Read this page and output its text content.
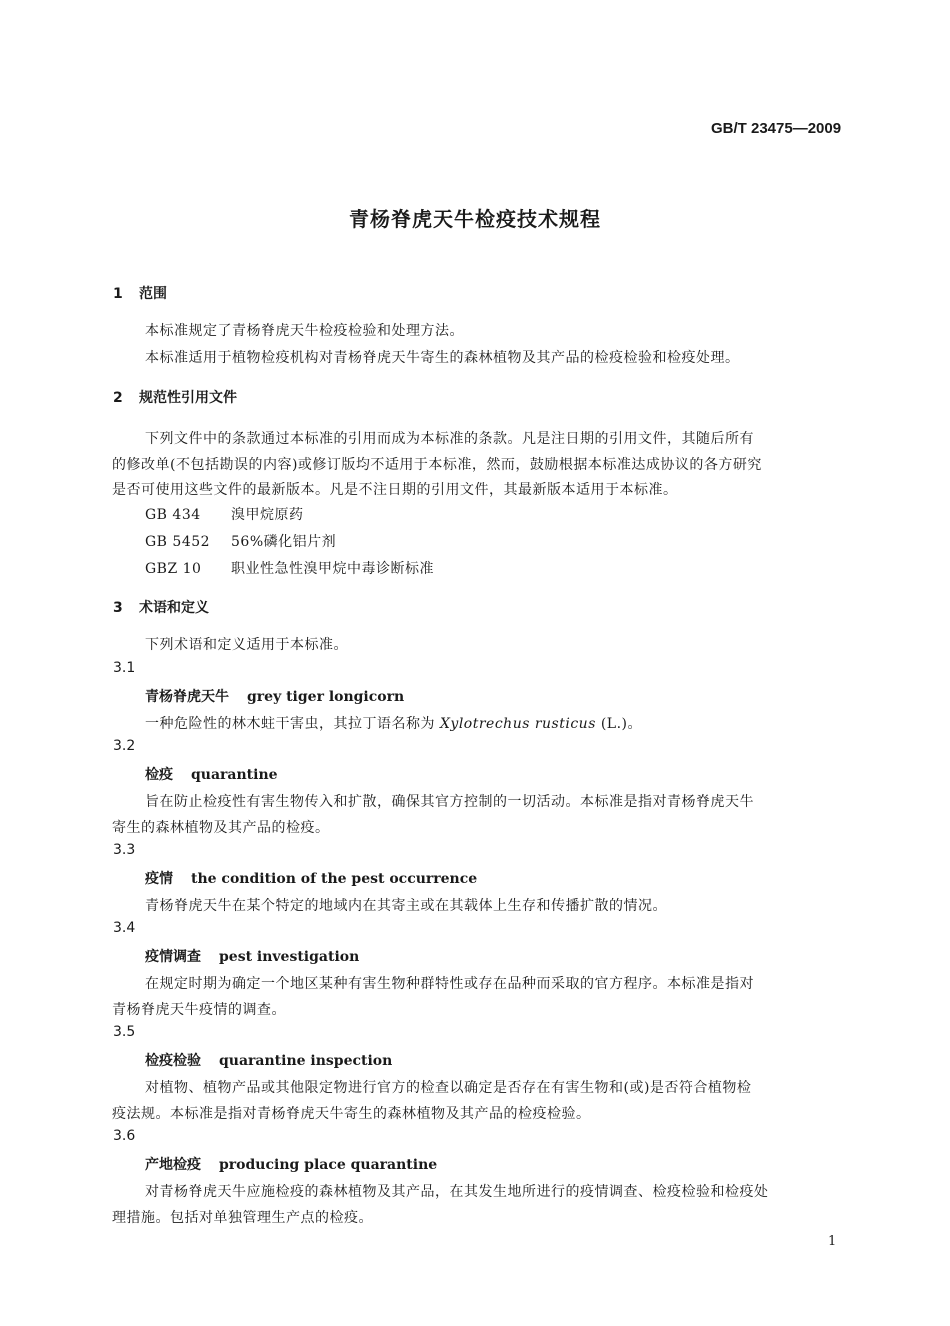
GB/T 23475—2009
青杨脊虎天牛检疫技术规程
1 范围
本标准规定了青杨脊虎天牛检疫检验和处理方法。
本标准适用于植物检疫机构对青杨脊虎天牛寄生的森林植物及其产品的检疫检验和检疫处理。
2 规范性引用文件
下列文件中的条款通过本标准的引用而成为本标准的条款。凡是注日期的引用文件，其随后所有
的修改单(不包括勘误的内容)或修订版均不适用于本标准，然而，鼓励根据本标准达成协议的各方研究
是否可使用这些文件的最新版本。凡是不注日期的引用文件，其最新版本适用于本标准。
GB 434 溴甲烷原药
GB 5452 56%磷化铝片剂
GBZ 10 职业性急性溴甲烷中毒诊断标准
3 术语和定义
下列术语和定义适用于本标准。
3.1
青杨脊虎天牛 grey tiger longicorn
一种危险性的林木蛀干害虫，其拉丁语名称为 Xylotrechus rusticus (L.)。
3.2
检疫 quarantine
旨在防止检疫性有害生物传入和扩散，确保其官方控制的一切活动。本标准是指对青杨脊虎天牛
寄生的森林植物及其产品的检疫。
3.3
疫情 the condition of the pest occurrence
青杨脊虎天牛在某个特定的地域内在其寄主或在其载体上生存和传播扩散的情况。
3.4
疫情调查 pest investigation
在规定时期为确定一个地区某种有害生物种群特性或存在品种而采取的官方程序。本标准是指对
青杨脊虎天牛疫情的调查。
3.5
检疫检验 quarantine inspection
对植物、植物产品或其他限定物进行官方的检查以确定是否存在有害生物和(或)是否符合植物检
疫法规。本标准是指对青杨脊虎天牛寄生的森林植物及其产品的检疫检验。
3.6
产地检疫 producing place quarantine
对青杨脊虎天牛应施检疫的森林植物及其产品，在其发生地所进行的疫情调查、检疫检验和检疫处
理措施。包括对单独管理生产点的检疫。
1
